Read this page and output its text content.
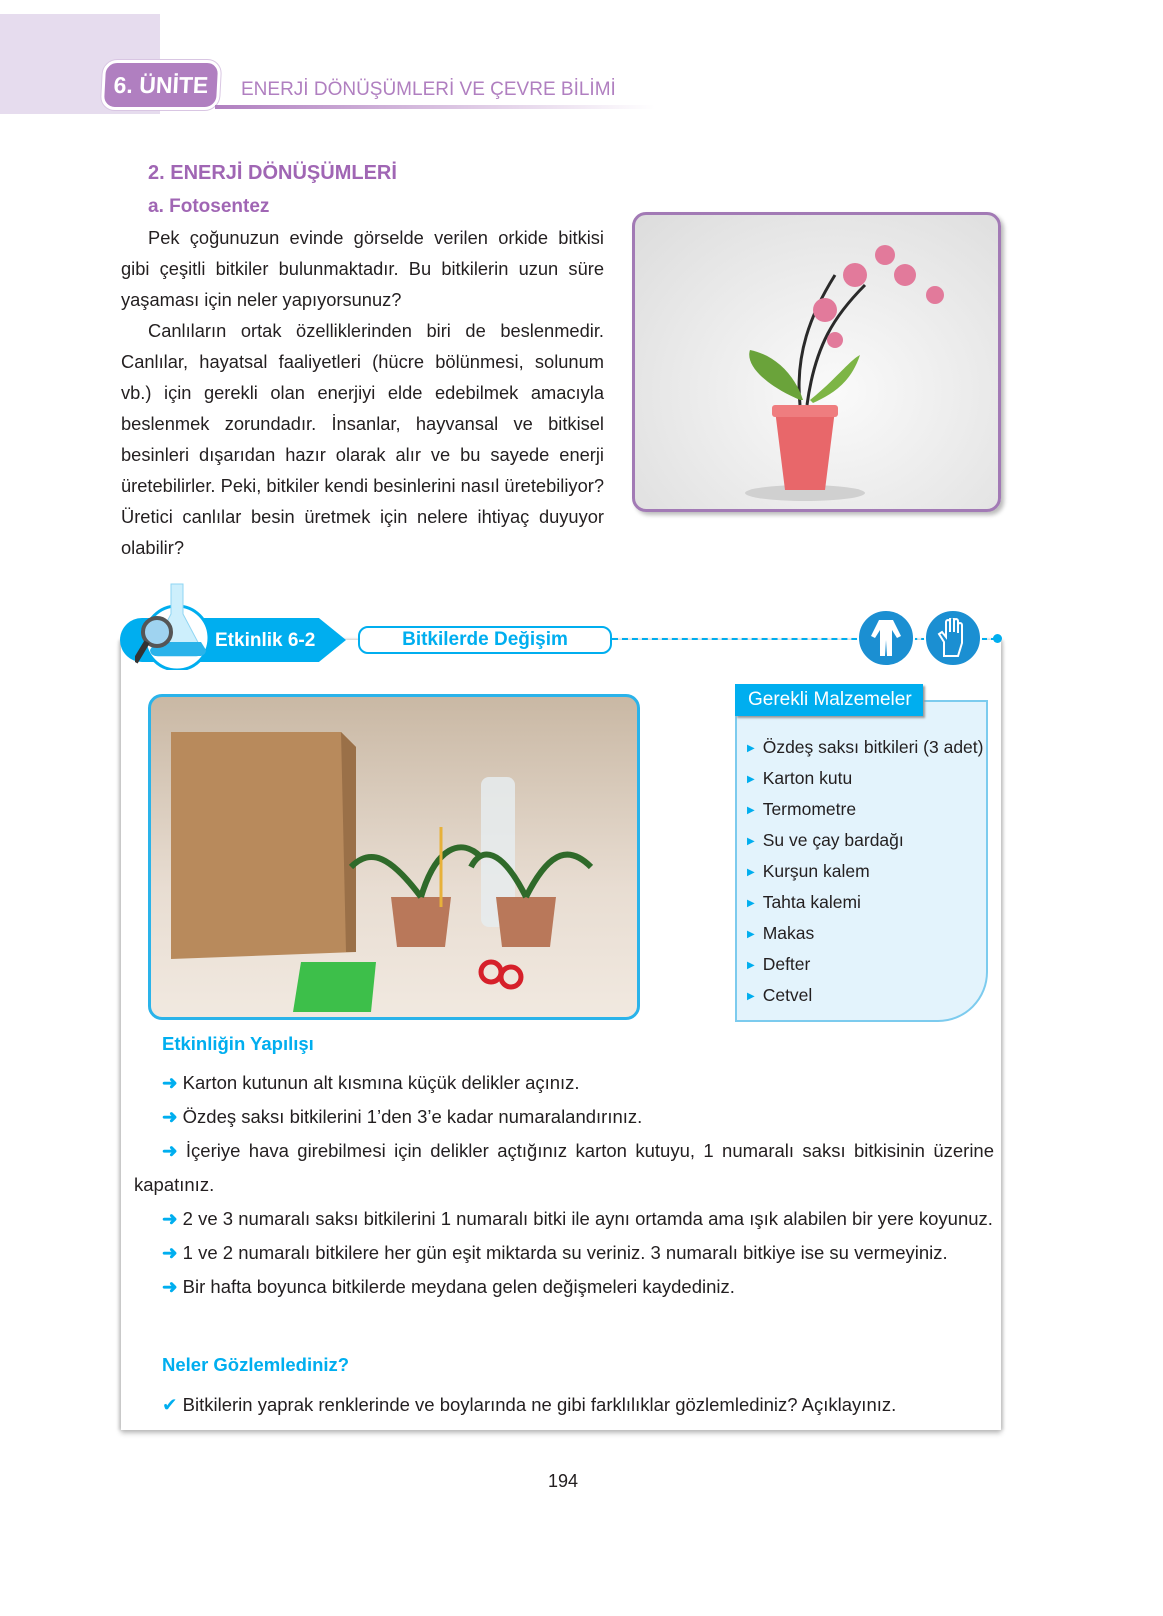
6. ÜNİTE	ENERJİ DÖNÜŞÜMLERİ VE ÇEVRE BİLİMİ
2. ENERJİ DÖNÜŞÜMLERİ
a. Fotosentez

Pek çoğunuzun evinde görselde verilen orkide bitkisi gibi çeşitli bitkiler bulunmaktadır. Bu bitkilerin uzun süre yaşaması için neler yapıyorsunuz?

Canlıların ortak özelliklerinden biri de beslenmedir. Canlılar, hayatsal faaliyetleri (hücre bölünmesi, solunum vb.) için gerekli olan enerjiyi elde edebilmek amacıyla beslenmek zorundadır. İnsanlar, hayvansal ve bitkisel besinleri dışarıdan hazır olarak alır ve bu sayede enerji üretebilirler. Peki, bitkiler kendi besinlerini nasıl üretebiliyor? Üretici canlılar besin üretmek için nelere ihtiyaç duyuyor olabilir?

Etkinlik 6-2	Bitkilerde Değişim
Gerekli Malzemeler
▶ Özdeş saksı bitkileri (3 adet)
▶ Karton kutu
▶ Termometre
▶ Su ve çay bardağı
▶ Kurşun kalem
▶ Tahta kalemi
▶ Makas
▶ Defter
▶ Cetvel
Etkinliğin Yapılışı

➜ Karton kutunun alt kısmına küçük delikler açınız.

➜ Özdeş saksı bitkilerini 1’den 3’e kadar numaralandırınız.

➜ İçeriye hava girebilmesi için delikler açtığınız karton kutuyu, 1 numaralı saksı bitkisinin üzerine kapatınız.

➜ 2 ve 3 numaralı saksı bitkilerini 1 numaralı bitki ile aynı ortamda ama ışık alabilen bir yere koyunuz.

➜ 1 ve 2 numaralı bitkilere her gün eşit miktarda su veriniz. 3 numaralı bitkiye ise su vermeyiniz.

➜ Bir hafta boyunca bitkilerde meydana gelen değişmeleri kaydediniz.

Neler Gözlemlediniz?
✔ Bitkilerin yaprak renklerinde ve boylarında ne gibi farklılıklar gözlemlediniz? Açıklayınız.
194
